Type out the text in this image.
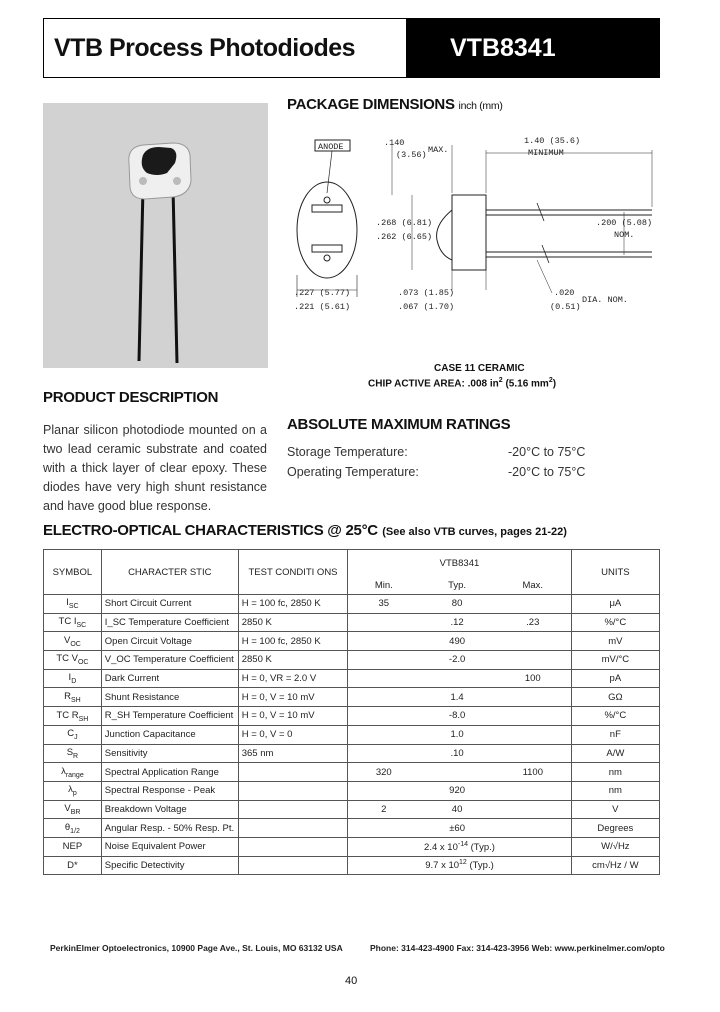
VTB Process Photodiodes	VTB8341
PACKAGE DIMENSIONS inch (mm)
ANODE
.227 (5.77)
.221 (5.61)
.140
(3.56) MAX.
1.40 (35.6)
MINIMUM
.268 (6.81)
.262 (6.65)
.200 (5.08)
NOM.
.073 (1.85)
.067 (1.70)
.020
DIA. NOM.
(0.51)
CASE 11 CERAMIC
CHIP ACTIVE AREA: .008 $in^2$ (5.16 $mm^2$)
PRODUCT DESCRIPTION
Planar silicon photodiode mounted on a two lead ceramic substrate and coated with a thick layer of clear epoxy. These diodes have very high shunt resistance and have good blue response.
ABSOLUTE MAXIMUM RATINGS
Storage Temperature:	-20°C to 75°C
Operating Temperature:	-20°C to 75°C
ELECTRO-OPTICAL CHARACTERISTICS @ 25°C (See also VTB curves, pages 21-22)
SYMBOL	CHARACTER STIC	TEST CONDITI ONS	VTB8341			UNITS
			Min.	Typ.	Max.	
$I_{SC}$	Short Circuit Current	H = 100 fc, 2850 K	35	80		μA
TC $I_{SC}$	I_SC Temperature Coefficient	2850 K		.12	.23	%/°C
$V_{OC}$	Open Circuit Voltage	H = 100 fc, 2850 K		490		mV
TC $V_{OC}$	V_OC Temperature Coefficient	2850 K		-2.0		mV/°C
$I_D$	Dark Current	H = 0, VR = 2.0 V			100	pA
$R_{SH}$	Shunt Resistance	H = 0, V = 10 mV		1.4		GΩ
TC $R_{SH}$	R_SH Temperature Coefficient	H = 0, V = 10 mV		-8.0		%/°C
$C_J$	Junction Capacitance	H = 0, V = 0		1.0		nF
$S_R$	Sensitivity	365 nm		.10		A/W
$\lambda_{range}$	Spectral Application Range		320		1100	nm
$\lambda_p$	Spectral Response - Peak			920		nm
$V_{BR}$	Breakdown Voltage		2	40		V
$\theta_{1/2}$	Angular Resp. - 50% Resp. Pt.			±60		Degrees
NEP	Noise Equivalent Power		2.4 x $10^{-14}$ (Typ.)			W/√Hz
D*	Specific Detectivity		9.7 x $10^{12}$ (Typ.)			cm√Hz / W
PerkinElmer Optoelectronics, 10900 Page Ave., St. Louis, MO 63132 USA	Phone: 314-423-4900 Fax: 314-423-3956 Web: www.perkinelmer.com/opto
40
